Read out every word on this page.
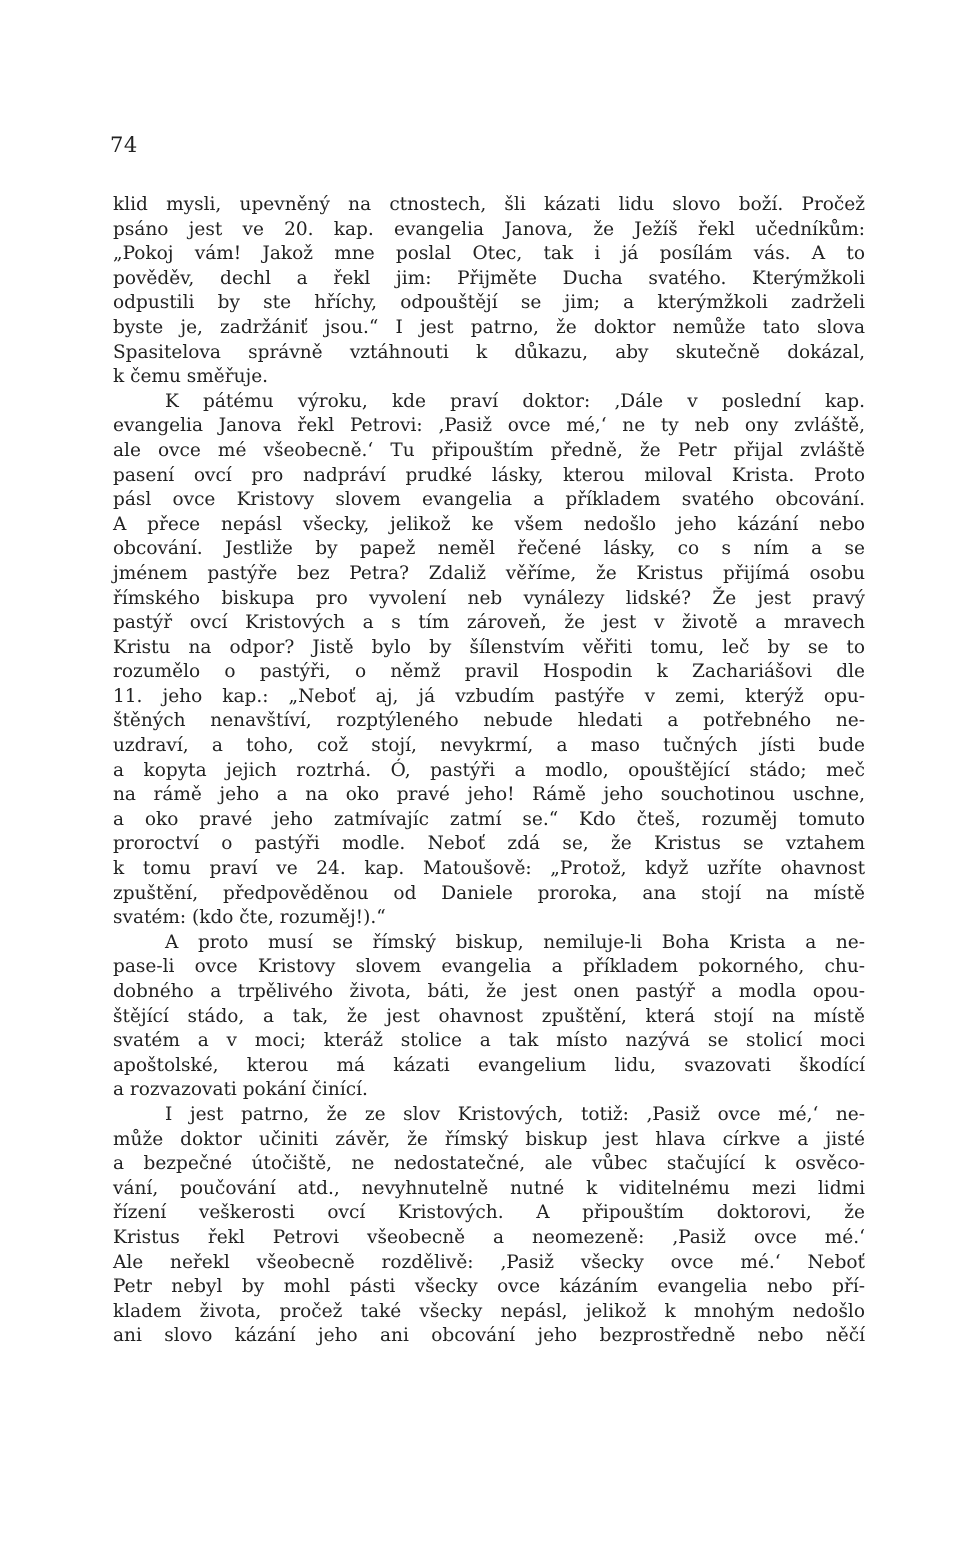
74
klid mysli, upevněný na ctnostech, šli kázati lidu slovo boží. Pročež
psáno jest ve 20. kap. evangelia Janova, že Ježíš řekl učedníkům:
„Pokoj vám! Jakož mne poslal Otec, tak i já posílám vás. A to
pověděv, dechl a řekl jim: Přijměte Ducha svatého. Kterýmžkoli
odpustili by ste hříchy, odpouštějí se jim; a kterýmžkoli zadrželi
byste je, zadržániť jsou.“ I jest patrno, že doktor nemůže tato slova
Spasitelova správně vztáhnouti k důkazu, aby skutečně dokázal,
k čemu směřuje.
K pátému výroku, kde praví doktor: ‚Dále v poslední kap.
evangelia Janova řekl Petrovi: ‚Pasiž ovce mé,‘ ne ty neb ony zvláště,
ale ovce mé všeobecně.‘ Tu připouštím předně, že Petr přijal zvláště
pasení ovcí pro nadpráví prudké lásky, kterou miloval Krista. Proto
pásl ovce Kristovy slovem evangelia a příkladem svatého obcování.
A přece nepásl všecky, jelikož ke všem nedošlo jeho kázání nebo
obcování. Jestliže by papež neměl řečené lásky, co s ním a se
jménem pastýře bez Petra? Zdaliž věříme, že Kristus přijímá osobu
římského biskupa pro vyvolení neb vynálezy lidské? Že jest pravý
pastýř ovcí Kristových a s tím zároveň, že jest v životě a mravech
Kristu na odpor? Jistě bylo by šílenstvím věřiti tomu, leč by se to
rozumělo o pastýři, o němž pravil Hospodin k Zachariášovi dle
11. jeho kap.: „Neboť aj, já vzbudím pastýře v zemi, kterýž opu-
štěných nenavštíví, rozptýleného nebude hledati a potřebného ne-
uzdraví, a toho, což stojí, nevykrmí, a maso tučných jísti bude
a kopyta jejich roztrhá. Ó, pastýři a modlo, opouštějící stádo; meč
na rámě jeho a na oko pravé jeho! Rámě jeho souchotinou uschne,
a oko pravé jeho zatmívajíc zatmí se.“ Kdo čteš, rozuměj tomuto
proroctví o pastýři modle. Neboť zdá se, že Kristus se vztahem
k tomu praví ve 24. kap. Matoušově: „Protož, když uzříte ohavnost
zpuštění, předpověděnou od Daniele proroka, ana stojí na místě
svatém: (kdo čte, rozuměj!).“
A proto musí se římský biskup, nemiluje-li Boha Krista a ne-
pase-li ovce Kristovy slovem evangelia a příkladem pokorného, chu-
dobného a trpělivého života, báti, že jest onen pastýř a modla opou-
štějící stádo, a tak, že jest ohavnost zpuštění, která stojí na místě
svatém a v moci; kteráž stolice a tak místo nazývá se stolicí moci
apoštolské, kterou má kázati evangelium lidu, svazovati škodící
a rozvazovati pokání činící.
I jest patrno, že ze slov Kristových, totiž: ‚Pasiž ovce mé,‘ ne-
může doktor učiniti závěr, že římský biskup jest hlava církve a jisté
a bezpečné útočiště, ne nedostatečné, ale vůbec stačující k osvěco-
vání, poučování atd., nevyhnutelně nutné k viditelnému mezi lidmi
řízení veškerosti ovcí Kristových. A připouštím doktorovi, že
Kristus řekl Petrovi všeobecně a neomezeně: ‚Pasiž ovce mé.‘
Ale neřekl všeobecně rozdělivě: ‚Pasiž všecky ovce mé.‘ Neboť
Petr nebyl by mohl pásti všecky ovce kázáním evangelia nebo pří-
kladem života, pročež také všecky nepásl, jelikož k mnohým nedošlo
ani slovo kázání jeho ani obcování jeho bezprostředně nebo něčí
